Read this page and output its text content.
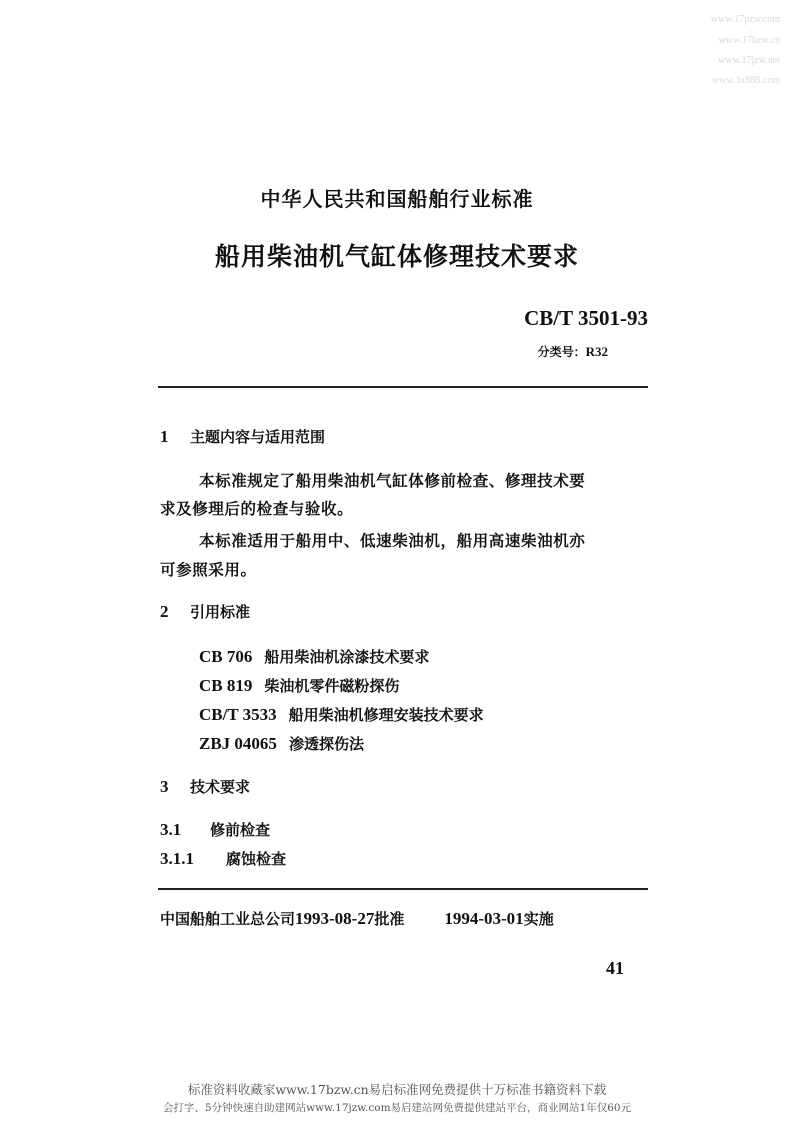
www.17pzw.com
www.17bzw.cn
www.17jzw.net
www.3x888.com
中华人民共和国船舶行业标准
船用柴油机气缸体修理技术要求
CB/T 3501-93
分类号：R32
1 主题内容与适用范围
本标准规定了船用柴油机气缸体修前检查、修理技术要
求及修理后的检查与验收。
本标准适用于船用中、低速柴油机，船用高速柴油机亦
可参照采用。
2 引用标准
CB 706 船用柴油机涂漆技术要求
CB 819 柴油机零件磁粉探伤
CB/T 3533 船用柴油机修理安装技术要求
ZBJ 04065 渗透探伤法
3 技术要求
3.1 修前检查
3.1.1 腐蚀检查
中国船舶工业总公司1993-08-27批准 1994-03-01实施
41
标准资料收藏家www.17bzw.cn易启标准网免费提供十万标准书籍资料下载
会打字、5分钟快速自助建网站www.17jzw.com易启建站网免费提供建站平台，商业网站1年仅60元
